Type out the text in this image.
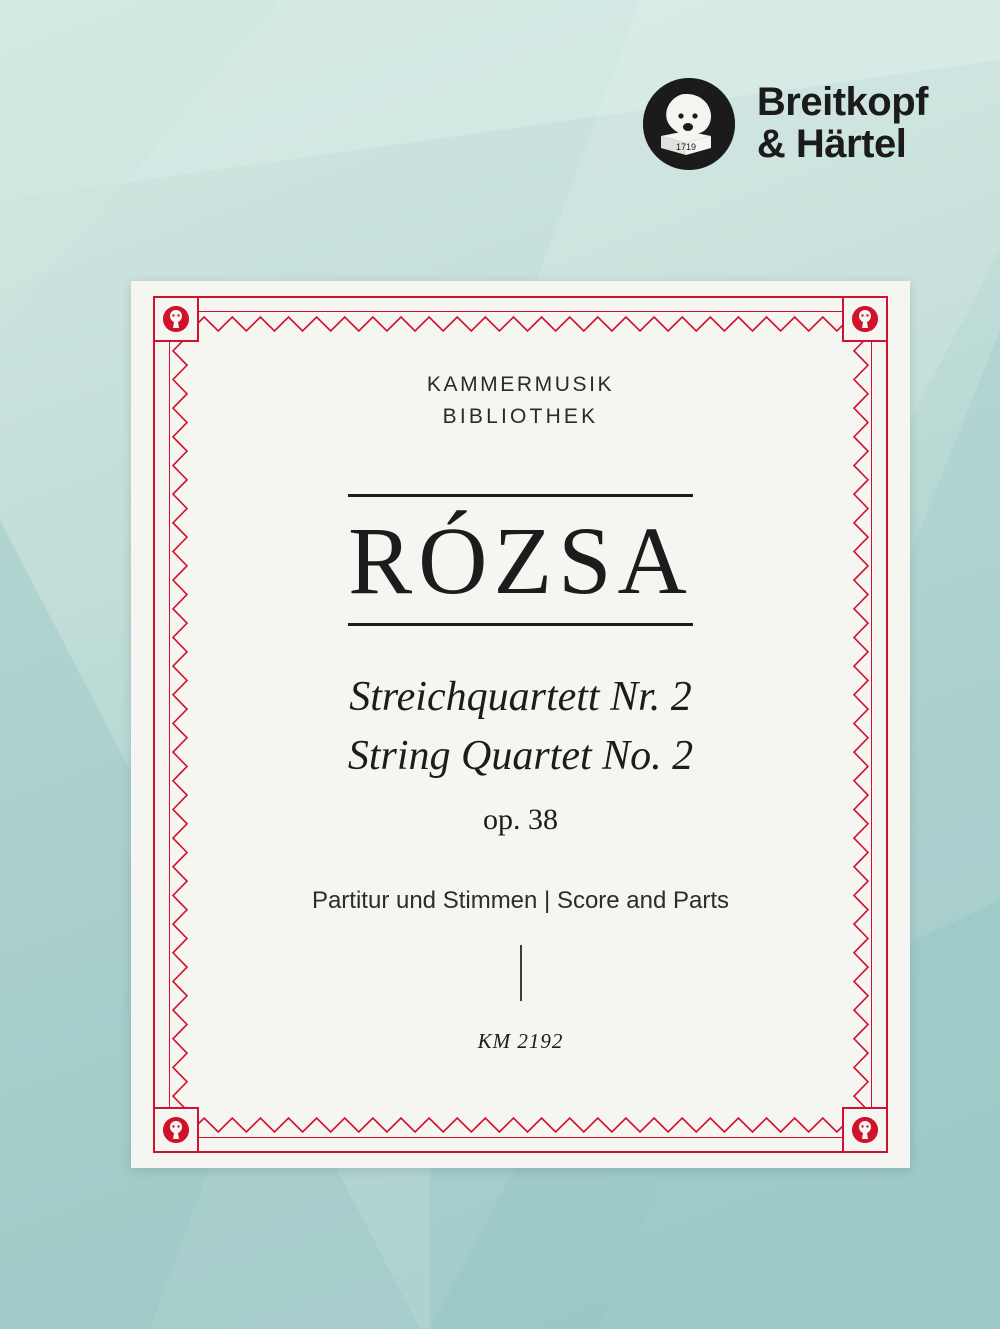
1719
Breitkopf
& Härtel
KAMMERMUSIK
BIBLIOTHEK
RÓZSA
Streichquartett Nr. 2
String Quartet No. 2
op. 38
Partitur und Stimmen | Score and Parts
KM 2192
